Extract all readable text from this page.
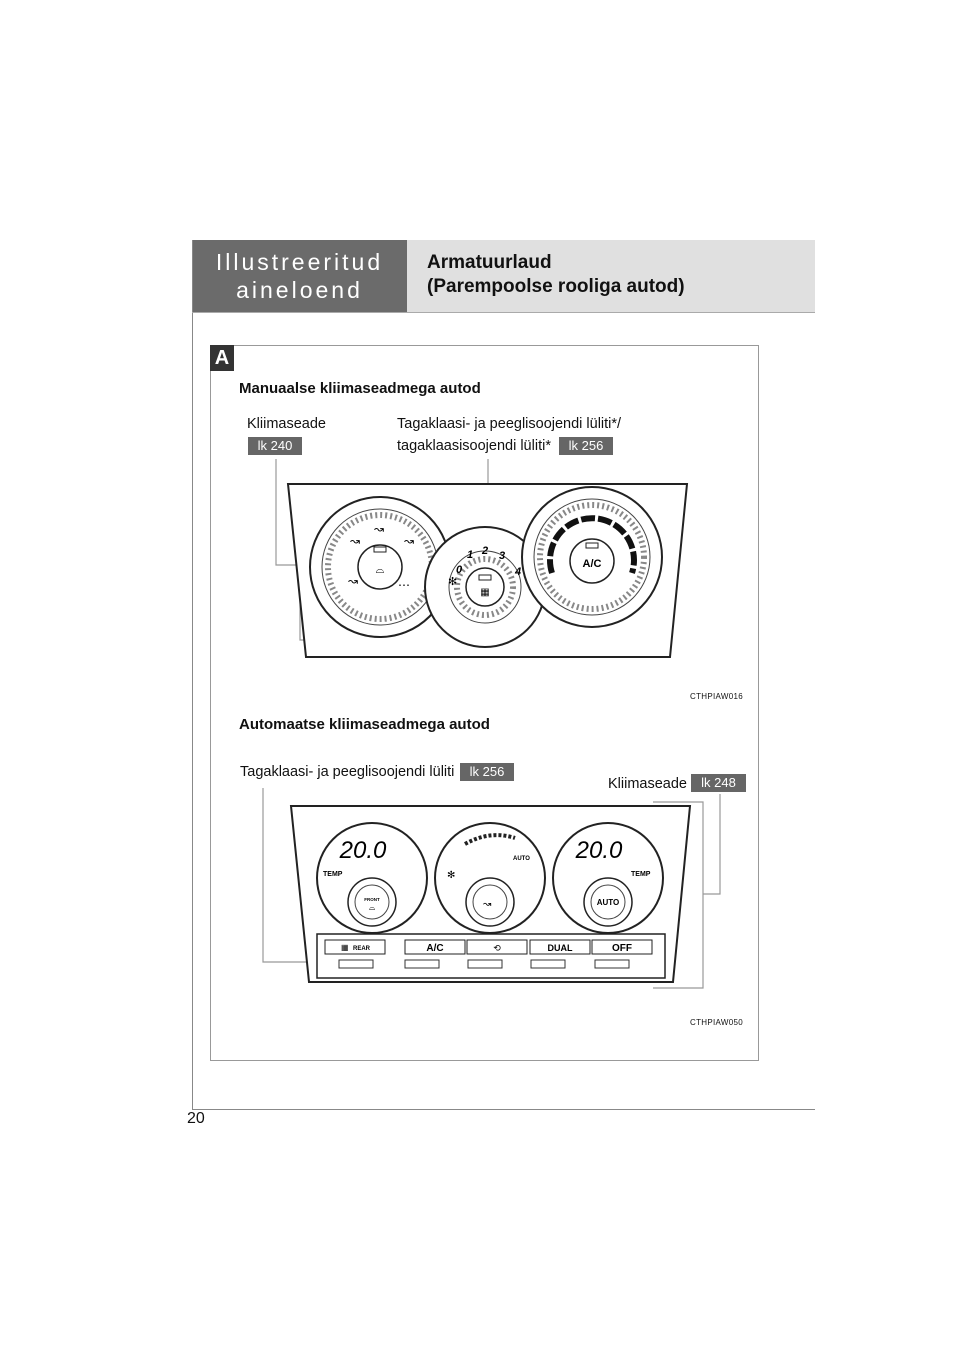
Illustreeritud
aineloend
Armatuurlaud
(Parempoolse rooliga autod)
20
A
Manuaalse kliimaseadmega autod
Kliimaseade
lk 240
Tagaklaasi- ja peeglisoojendi lüliti*/
tagaklaasisoojendi lüliti*	lk 256
⌓
↝
↝
↝
↝	⋯
▦
0
1 2 3
4
✻
A/C
CTHPIAW016
Automaatse kliimaseadmega autod
Tagaklaasi- ja peeglisoojendi lüliti	lk 256
Kliimaseade	lk 248
20.0
TEMP
FRONT
⌓
AUTO
✻
↝
20.0
TEMP
AUTO
REAR
▦	A/C	⟲	DUAL	OFF
CTHPIAW050
